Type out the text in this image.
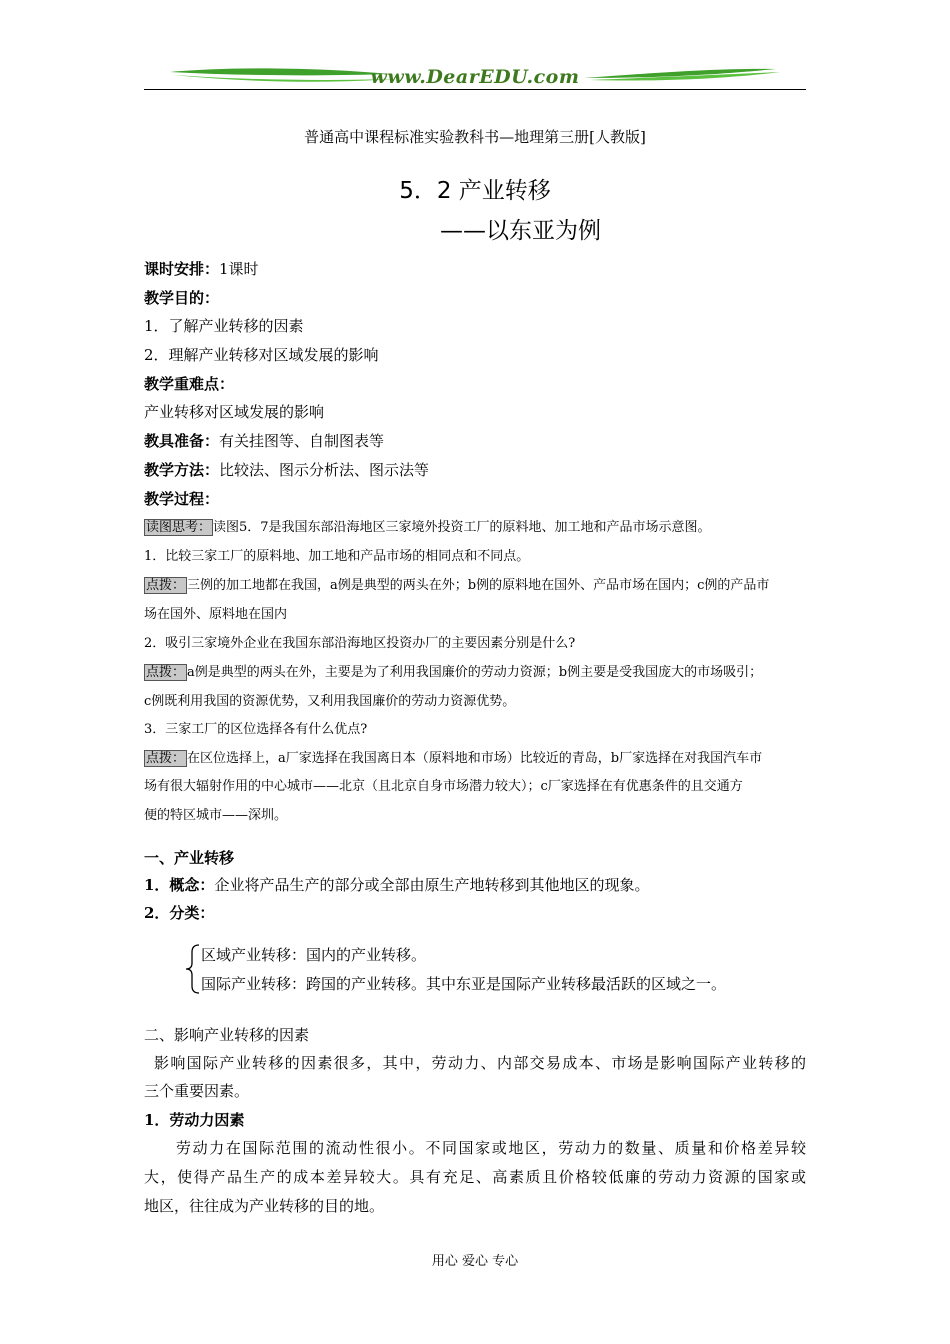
www.DearEDU.com
普通高中课程标准实验教科书—地理第三册[人教版]
5．2 产业转移
——以东亚为例
课时安排：1课时
教学目的：
1．了解产业转移的因素
2．理解产业转移对区域发展的影响
教学重难点：
产业转移对区域发展的影响
教具准备：有关挂图等、自制图表等
教学方法：比较法、图示分析法、图示法等
教学过程：
读图思考： 读图5．7是我国东部沿海地区三家境外投资工厂的原料地、加工地和产品市场示意图。
1．比较三家工厂的原料地、加工地和产品市场的相同点和不同点。
点拨： 三例的加工地都在我国，a例是典型的两头在外；b例的原料地在国外、产品市场在国内；c例的产品市
场在国外、原料地在国内
2．吸引三家境外企业在我国东部沿海地区投资办厂的主要因素分别是什么?
点拨： a例是典型的两头在外，主要是为了利用我国廉价的劳动力资源；b例主要是受我国庞大的市场吸引；
c例既利用我国的资源优势，又利用我国廉价的劳动力资源优势。
3．三家工厂的区位选择各有什么优点?
点拨： 在区位选择上，a厂家选择在我国离日本（原料地和市场）比较近的青岛，b厂家选择在对我国汽车市
场有很大辐射作用的中心城市——北京（且北京自身市场潜力较大）；c厂家选择在有优惠条件的且交通方
便的特区城市——深圳。
一、产业转移
1．概念：企业将产品生产的部分或全部由原生产地转移到其他地区的现象。
2．分类：
区域产业转移：国内的产业转移。
国际产业转移：跨国的产业转移。其中东亚是国际产业转移最活跃的区域之一。
二、影响产业转移的因素
影响国际产业转移的因素很多，其中，劳动力、内部交易成本、市场是影响国际产业转移的
三个重要因素。
1．劳动力因素
劳动力在国际范围的流动性很小。不同国家或地区，劳动力的数量、质量和价格差异较
大，使得产品生产的成本差异较大。具有充足、高素质且价格较低廉的劳动力资源的国家或
地区，往往成为产业转移的目的地。
用心 爱心 专心
